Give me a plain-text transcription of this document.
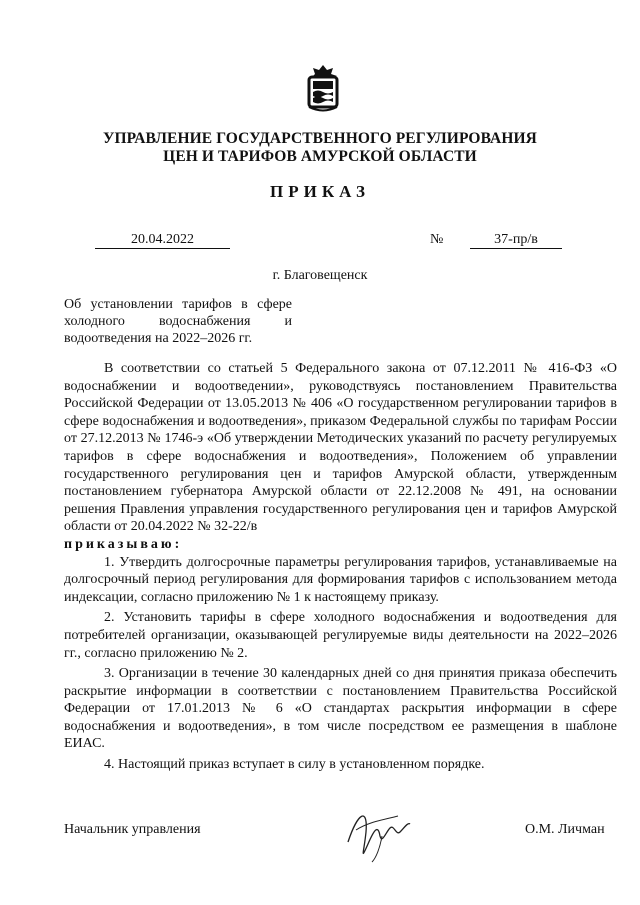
УПРАВЛЕНИЕ ГОСУДАРСТВЕННОГО РЕГУЛИРОВАНИЯ
ЦЕН И ТАРИФОВ АМУРСКОЙ ОБЛАСТИ
ПРИКАЗ
20.04.2022	№	37-пр/в
г. Благовещенск
Об установлении тарифов в сфере холодного водоснабжения и водоотведения на 2022–2026 гг.

В соответствии со статьей 5 Федерального закона от 07.12.2011 № 416-ФЗ «О водоснабжении и водоотведении», руководствуясь постановлением Правительства Российской Федерации от 13.05.2013 № 406 «О государственном регулировании тарифов в сфере водоснабжения и водоотведения», приказом Федеральной службы по тарифам России от 27.12.2013 № 1746-э «Об утверждении Методических указаний по расчету регулируемых тарифов в сфере водоснабжения и водоотведения», Положением об управлении государственного регулирования цен и тарифов Амурской области, утвержденным постановлением губернатора Амурской области от 22.12.2008 № 491, на основании решения Правления управления государственного регулирования цен и тарифов Амурской области от 20.04.2022 № 32-22/в

приказываю:

1. Утвердить долгосрочные параметры регулирования тарифов, устанавливаемые на долгосрочный период регулирования для формирования тарифов с использованием метода индексации, согласно приложению № 1 к настоящему приказу.

2. Установить тарифы в сфере холодного водоснабжения и водоотведения для потребителей организации, оказывающей регулируемые виды деятельности на 2022–2026 гг., согласно приложению № 2.

3. Организации в течение 30 календарных дней со дня принятия приказа обеспечить раскрытие информации в соответствии с постановлением Правительства Российской Федерации от 17.01.2013 № 6 «О стандартах раскрытия информации в сфере водоснабжения и водоотведения», в том числе посредством ее размещения в шаблоне ЕИАС.

4. Настоящий приказ вступает в силу в установленном порядке.

Начальник управления	О.М. Личман
